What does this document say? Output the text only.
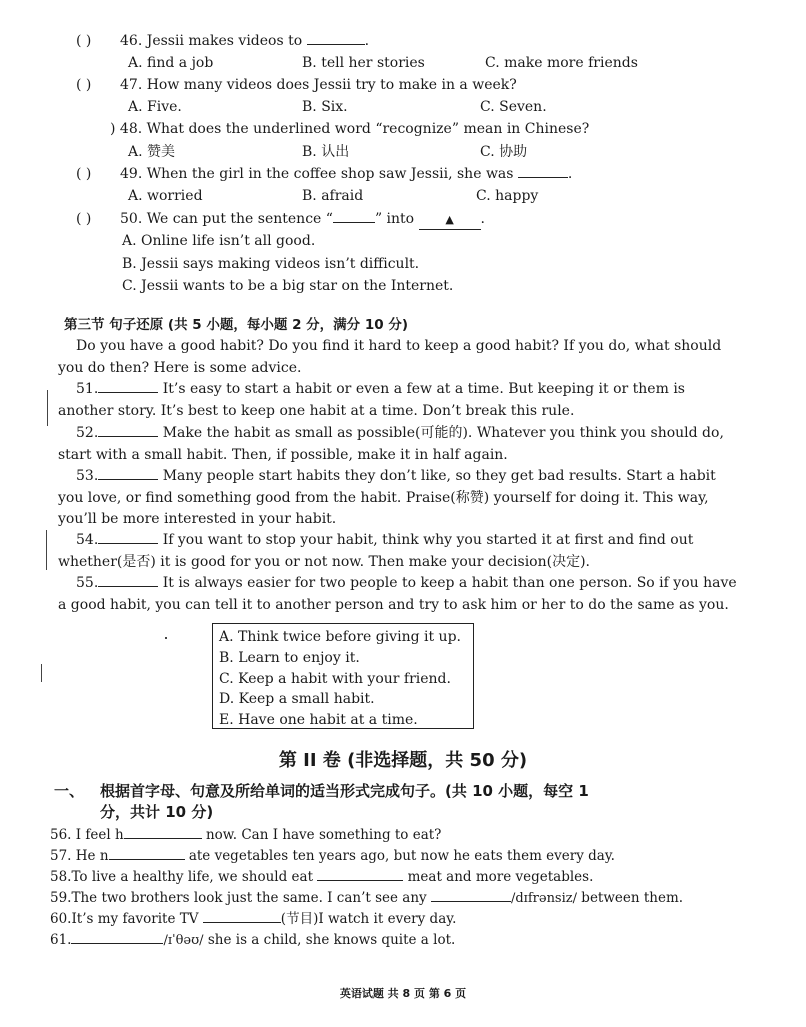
( ) 46. Jessii makes videos to	.
A. find a job	B. tell her stories	C. make more friends
( ) 47. How many videos does Jessii try to make in a week?
A. Five.	B. Six.	C. Seven.
) 48. What does the underlined word “recognize” mean in Chinese?
A. 赞美	B. 认出	C. 协助
( ) 49. When the girl in the coffee shop saw Jessii, she was	.
A. worried	B. afraid	C. happy
( ) 50. We can put the sentence “	” into	▲ .
A. Online life isn’t all good.
B. Jessii says making videos isn’t difficult.
C. Jessii wants to be a big star on the Internet.
第三节 句子还原 (共 5 小题，每小题 2 分，满分 10 分)
Do you have a good habit? Do you find it hard to keep a good habit? If you do, what should you do then? Here is some advice.
51.	It’s easy to start a habit or even a few at a time. But keeping it or them is another story. It’s best to keep one habit at a time. Don’t break this rule.
52.	Make the habit as small as possible(可能的). Whatever you think you should do, start with a small habit. Then, if possible, make it in half again.
53.	Many people start habits they don’t like, so they get bad results. Start a habit you love, or find something good from the habit. Praise(称赞) yourself for doing it. This way, you’ll be more interested in your habit.
54.	If you want to stop your habit, think why you started it at first and find out whether(是否) it is good for you or not now. Then make your decision(决定).
55.	It is always easier for two people to keep a habit than one person. So if you have a good habit, you can tell it to another person and try to ask him or her to do the same as you.
A. Think twice before giving it up.
B. Learn to enjoy it.
C. Keep a habit with your friend.
D. Keep a small habit.
E. Have one habit at a time.
第 II 卷 (非选择题，共 50 分)
一、 根据首字母、句意及所给单词的适当形式完成句子。(共 10 小题，每空 1
分，共计 10 分)
56. I feel h	now. Can I have something to eat?
57. He n	ate vegetables ten years ago, but now he eats them every day.
58.To live a healthy life, we should eat	meat and more vegetables.
59.The two brothers look just the same. I can’t see any	/dɪfrənsiz/ between them.
60.It’s my favorite TV	(节目)I watch it every day.
61.	/ɪˈθəʊ/ she is a child, she knows quite a lot.
英语试题 共 8 页 第 6 页
